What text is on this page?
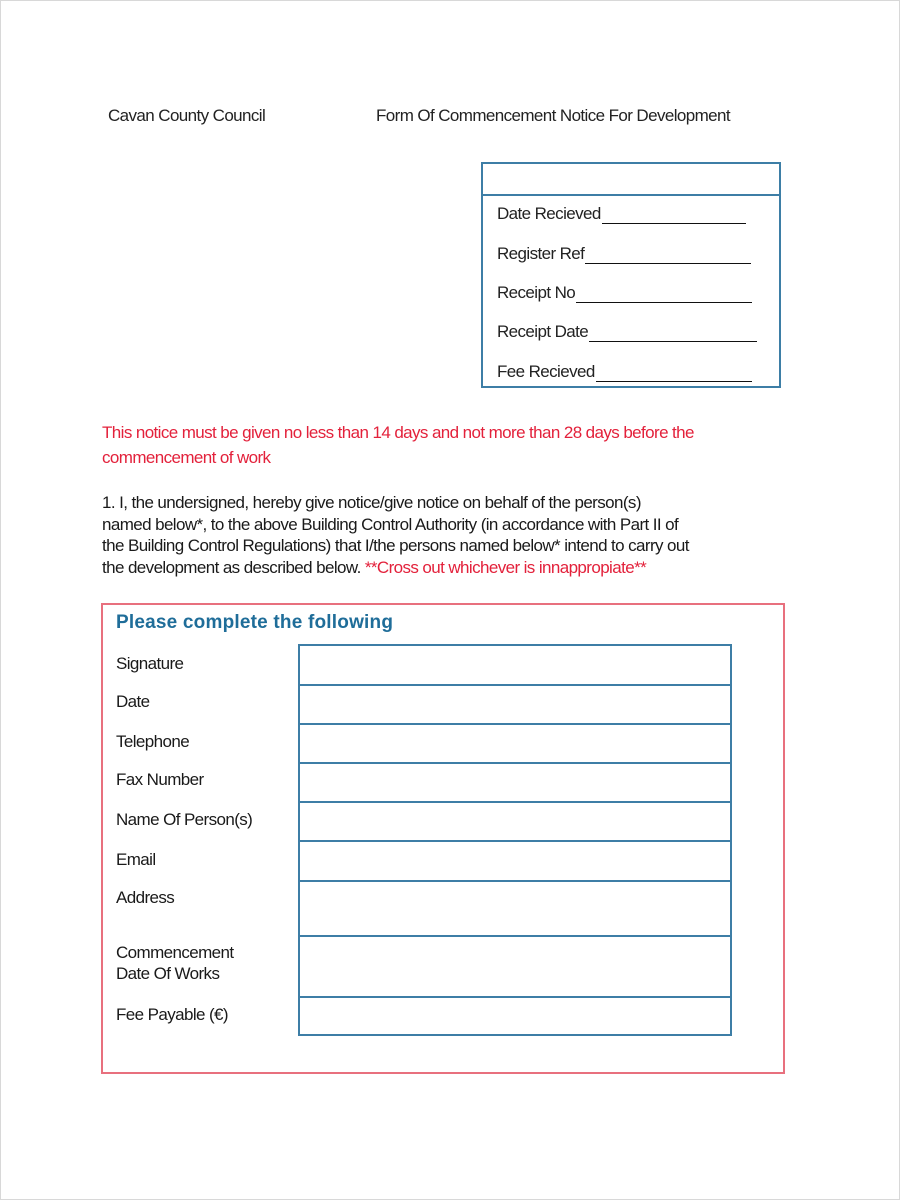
Cavan County Council	Form Of Commencement Notice For Development
Date Recieved
Register Ref
Receipt No
Receipt Date
Fee Recieved
This notice must be given no less than 14 days and not more than 28 days before the
commencement of work
1. I, the undersigned, hereby give notice/give notice on behalf of the person(s)
named below*, to the above Building Control Authority (in accordance with Part II of
the Building Control Regulations) that I/the persons named below* intend to carry out
the development as described below. **Cross out whichever is innappropiate**
Please complete the following
Signature
Date
Telephone
Fax Number
Name Of Person(s)
Email
Address
Commencement
Date Of Works
Fee Payable (€)
